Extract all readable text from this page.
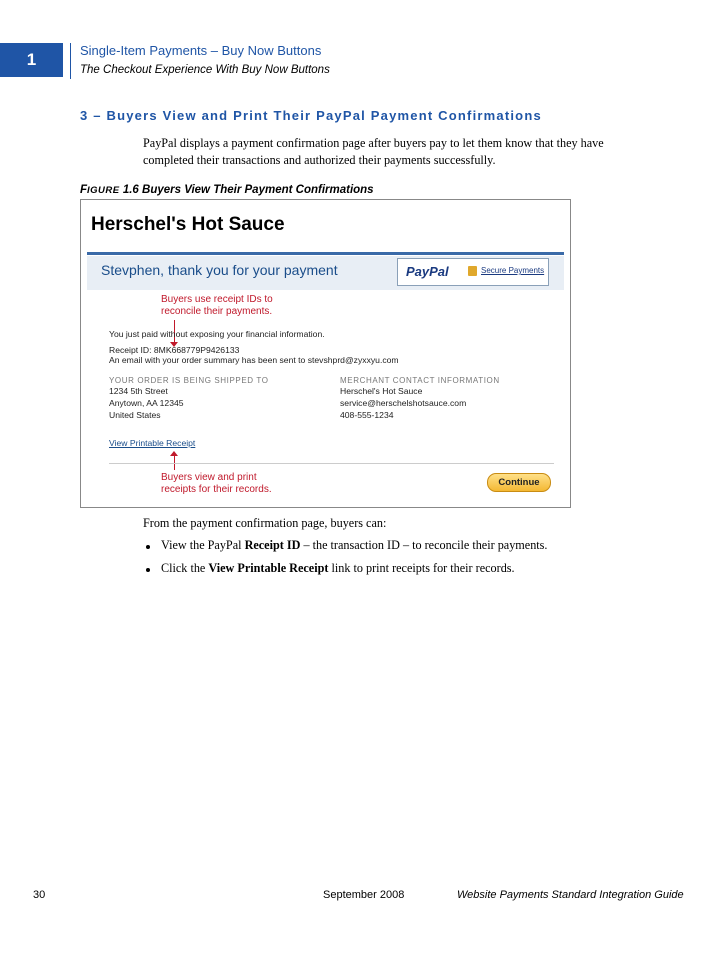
1	Single-Item Payments – Buy Now Buttons
The Checkout Experience With Buy Now Buttons
3 – Buyers View and Print Their PayPal Payment Confirmations
PayPal displays a payment confirmation page after buyers pay to let them know that they have
completed their transactions and authorized their payments successfully.
FIGURE 1.6 Buyers View Their Payment Confirmations
Herschel's Hot Sauce
Stevphen, thank you for your payment	PayPal	Secure Payments
Buyers use receipt IDs to
reconcile their payments.
You just paid without exposing your financial information.
Receipt ID: 8MK668779P9426133
An email with your order summary has been sent to stevshprd@zyxxyu.com
YOUR ORDER IS BEING SHIPPED TO
1234 5th Street
Anytown, AA 12345
United States
MERCHANT CONTACT INFORMATION
Herschel's Hot Sauce
service@herschelshotsauce.com
408-555-1234
View Printable Receipt
Buyers view and print
receipts for their records.
Continue
From the payment confirmation page, buyers can:
View the PayPal Receipt ID – the transaction ID – to reconcile their payments.
Click the View Printable Receipt link to print receipts for their records.
30	September 2008	Website Payments Standard Integration Guide
